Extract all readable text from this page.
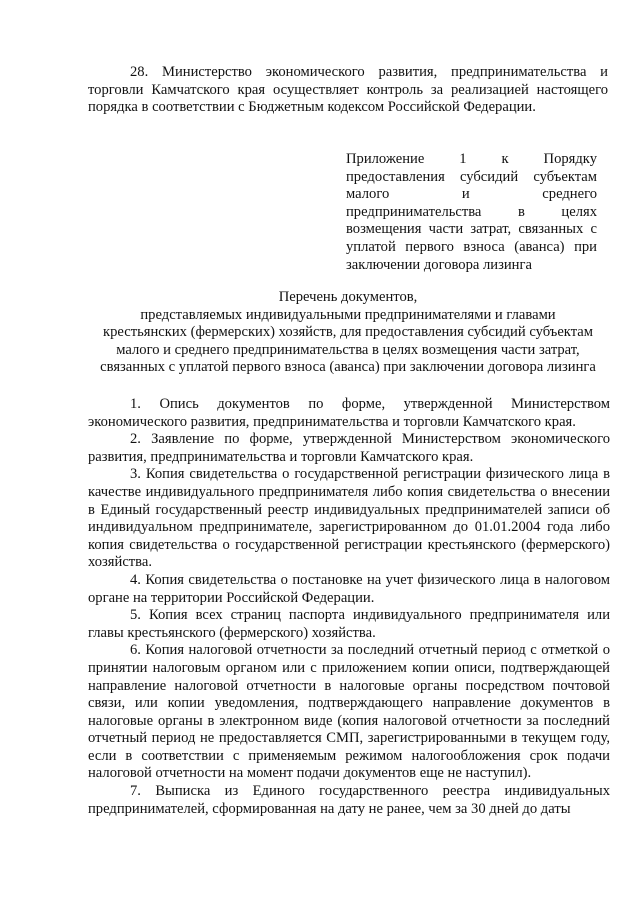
28. Министерство экономического развития, предпринимательства и торговли Камчатского края осуществляет контроль за реализацией настоящего порядка в соответствии с Бюджетным кодексом Российской Федерации.

Приложение 1 к Порядку предоставления субсидий субъектам малого и среднего предпринимательства в целях возмещения части затрат, связанных с уплатой первого взноса (аванса) при заключении договора лизинга

Перечень документов,
представляемых индивидуальными предпринимателями и главами
крестьянских (фермерских) хозяйств, для предоставления субсидий субъектам
малого и среднего предпринимательства в целях возмещения части затрат,
связанных с уплатой первого взноса (аванса) при заключении договора лизинга

1. Опись документов по форме, утвержденной Министерством экономического развития, предпринимательства и торговли Камчатского края.

2. Заявление по форме, утвержденной Министерством экономического развития, предпринимательства и торговли Камчатского края.

3. Копия свидетельства о государственной регистрации физического лица в качестве индивидуального предпринимателя либо копия свидетельства о внесении в Единый государственный реестр индивидуальных предпринимателей записи об индивидуальном предпринимателе, зарегистрированном до 01.01.2004 года либо копия свидетельства о государственной регистрации крестьянского (фермерского) хозяйства.

4. Копия свидетельства о постановке на учет физического лица в налоговом органе на территории Российской Федерации.

5. Копия всех страниц паспорта индивидуального предпринимателя или главы крестьянского (фермерского) хозяйства.

6. Копия налоговой отчетности за последний отчетный период с отметкой о принятии налоговым органом или с приложением копии описи, подтверждающей направление налоговой отчетности в налоговые органы посредством почтовой связи, или копии уведомления, подтверждающего направление документов в налоговые органы в электронном виде (копия налоговой отчетности за последний отчетный период не предоставляется СМП, зарегистрированными в текущем году, если в соответствии с применяемым режимом налогообложения срок подачи налоговой отчетности на момент подачи документов еще не наступил).

7. Выписка из Единого государственного реестра индивидуальных предпринимателей, сформированная на дату не ранее, чем за 30 дней до даты
